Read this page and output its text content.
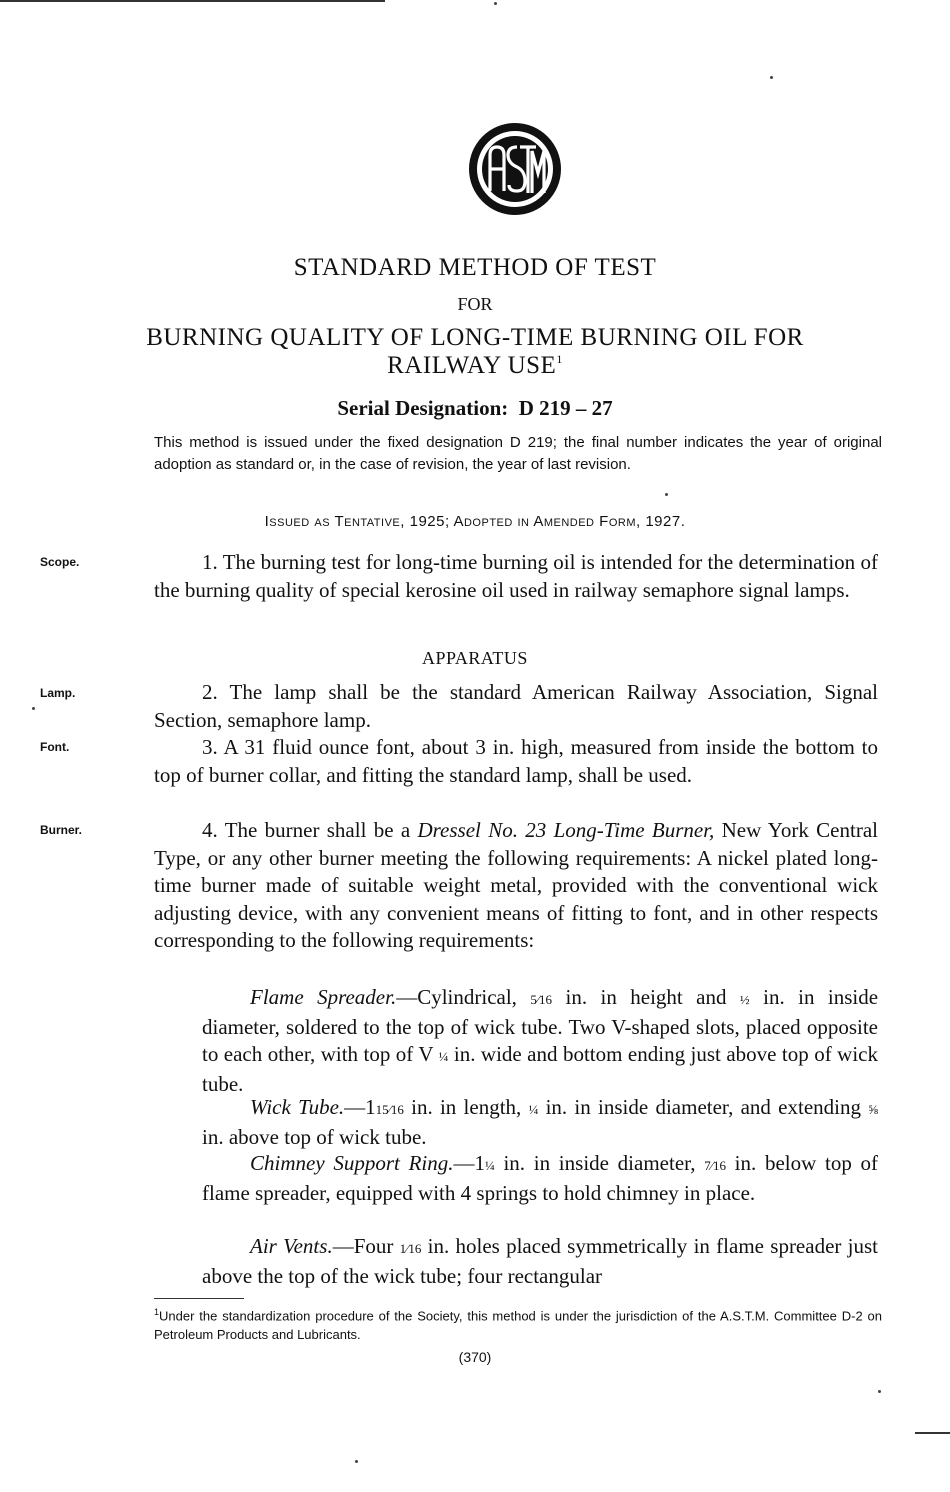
ASTM
STANDARD METHOD OF TEST
FOR
BURNING QUALITY OF LONG-TIME BURNING OIL FOR
RAILWAY USE$^1$
Serial Designation: D 219 – 27
This method is issued under the fixed designation D 219; the final number indicates the year of original adoption as standard or, in the case of revision, the year of last revision.
Issued as Tentative, 1925; Adopted in Amended Form, 1927.
Scope.
Lamp.
Font.
Burner.
1. The burning test for long-time burning oil is intended for the determination of the burning quality of special kerosine oil used in railway semaphore signal lamps.
APPARATUS
2. The lamp shall be the standard American Railway Association, Signal Section, semaphore lamp.
3. A 31 fluid ounce font, about 3 in. high, measured from inside the bottom to top of burner collar, and fitting the standard lamp, shall be used.
4. The burner shall be a Dressel No. 23 Long-Time Burner, New York Central Type, or any other burner meeting the following requirements: A nickel plated long-time burner made of suitable weight metal, provided with the conventional wick adjusting device, with any convenient means of fitting to font, and in other respects corresponding to the following requirements:
Flame Spreader.—Cylindrical, 5⁄16 in. in height and ½ in. in inside diameter, soldered to the top of wick tube. Two V-shaped slots, placed opposite to each other, with top of V ¼ in. wide and bottom ending just above top of wick tube.
Wick Tube.—115⁄16 in. in length, ¼ in. in inside diameter, and extending ⅝ in. above top of wick tube.
Chimney Support Ring.—1¼ in. in inside diameter, 7⁄16 in. below top of flame spreader, equipped with 4 springs to hold chimney in place.
Air Vents.—Four 1⁄16 in. holes placed symmetrically in flame spreader just above the top of the wick tube; four rectangular
$^1$Under the standardization procedure of the Society, this method is under the jurisdiction of the A.S.T.M. Committee D-2 on Petroleum Products and Lubricants.
(370)
